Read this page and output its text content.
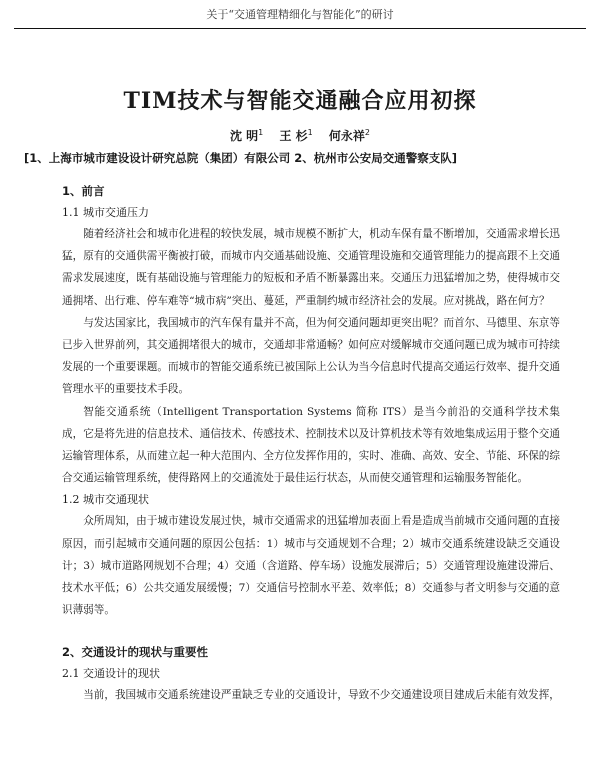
关于“交通管理精细化与智能化”的研讨
TIM技术与智能交通融合应用初探
沈 明$^1$ 王 杉$^1$ 何永祥$^2$
[1、上海市城市建设设计研究总院（集团）有限公司 2、杭州市公安局交通警察支队]
1、前言
1.1 城市交通压力

随着经济社会和城市化进程的较快发展，城市规模不断扩大，机动车保有量不断增加，交通需求增长迅猛，原有的交通供需平衡被打破，而城市内交通基础设施、交通管理设施和交通管理能力的提高跟不上交通需求发展速度，既有基础设施与管理能力的短板和矛盾不断暴露出来。交通压力迅猛增加之势，使得城市交通拥堵、出行难、停车难等“城市病”突出、蔓延，严重制约城市经济社会的发展。应对挑战，路在何方？

与发达国家比，我国城市的汽车保有量并不高，但为何交通问题却更突出呢？而首尔、马德里、东京等已步入世界前列，其交通拥堵很大的城市，交通却非常通畅？如何应对缓解城市交通问题已成为城市可持续发展的一个重要课题。而城市的智能交通系统已被国际上公认为当今信息时代提高交通运行效率、提升交通管理水平的重要技术手段。

智能交通系统（Intelligent Transportation Systems 简称 ITS）是当今前沿的交通科学技术集成，它是将先进的信息技术、通信技术、传感技术、控制技术以及计算机技术等有效地集成运用于整个交通运输管理体系，从而建立起一种大范围内、全方位发挥作用的，实时、准确、高效、安全、节能、环保的综合交通运输管理系统，使得路网上的交通流处于最佳运行状态，从而使交通管理和运输服务智能化。

1.2 城市交通现状

众所周知，由于城市建设发展过快，城市交通需求的迅猛增加表面上看是造成当前城市交通问题的直接原因，而引起城市交通问题的原因公包括：1）城市与交通规划不合理；2）城市交通系统建设缺乏交通设计；3）城市道路网规划不合理；4）交通（含道路、停车场）设施发展滞后；5）交通管理设施建设滞后、技术水平低；6）公共交通发展缓慢；7）交通信号控制水平差、效率低；8）交通参与者文明参与交通的意识薄弱等。

2、交通设计的现状与重要性
2.1 交通设计的现状

当前，我国城市交通系统建设严重缺乏专业的交通设计，导致不少交通建设项目建成后未能有效发挥，
